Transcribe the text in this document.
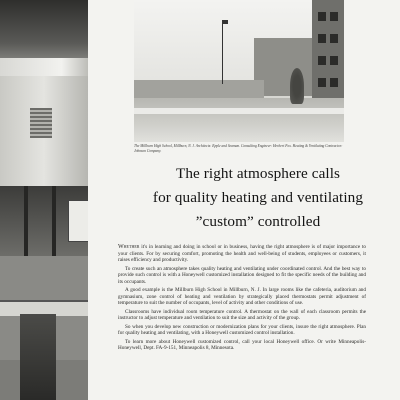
The Millburn High School, Millburn, N. J. Architects: Epple and Seaman. Consulting Engineer: Herbert Fox. Heating & Ventilating Contractor: Johnson Company.
The right atmosphere calls
for quality heating and ventilating
”custom” controlled

Whether it's in learning and doing in school or in business, having the right atmosphere is of major importance to your clients. For by securing comfort, promoting the health and well-being of students, employees or customers, it raises efficiency and productivity.

To create such an atmosphere takes quality heating and ventilating under coordinated control. And the best way to provide such control is with a Honeywell customized installation designed to fit the specific needs of the building and its occupants.

A good example is the Millburn High School in Millburn, N. J. In large rooms like the cafeteria, auditorium and gymnasium, zone control of heating and ventilation by strategically placed thermostats permit adjustment of temperature to suit the number of occupants, level of activity and other conditions of use.

Classrooms have individual room temperature control. A thermostat on the wall of each classroom permits the instructor to adjust temperature and ventilation to suit the size and activity of the group.

So when you develop new construction or modernization plans for your clients, insure the right atmosphere. Plan for quality heating and ventilating, with a Honeywell customized control installation.

To learn more about Honeywell customized control, call your local Honeywell office. Or write Minneapolis-Honeywell, Dept. FA-9-151, Minneapolis 8, Minnesota.
